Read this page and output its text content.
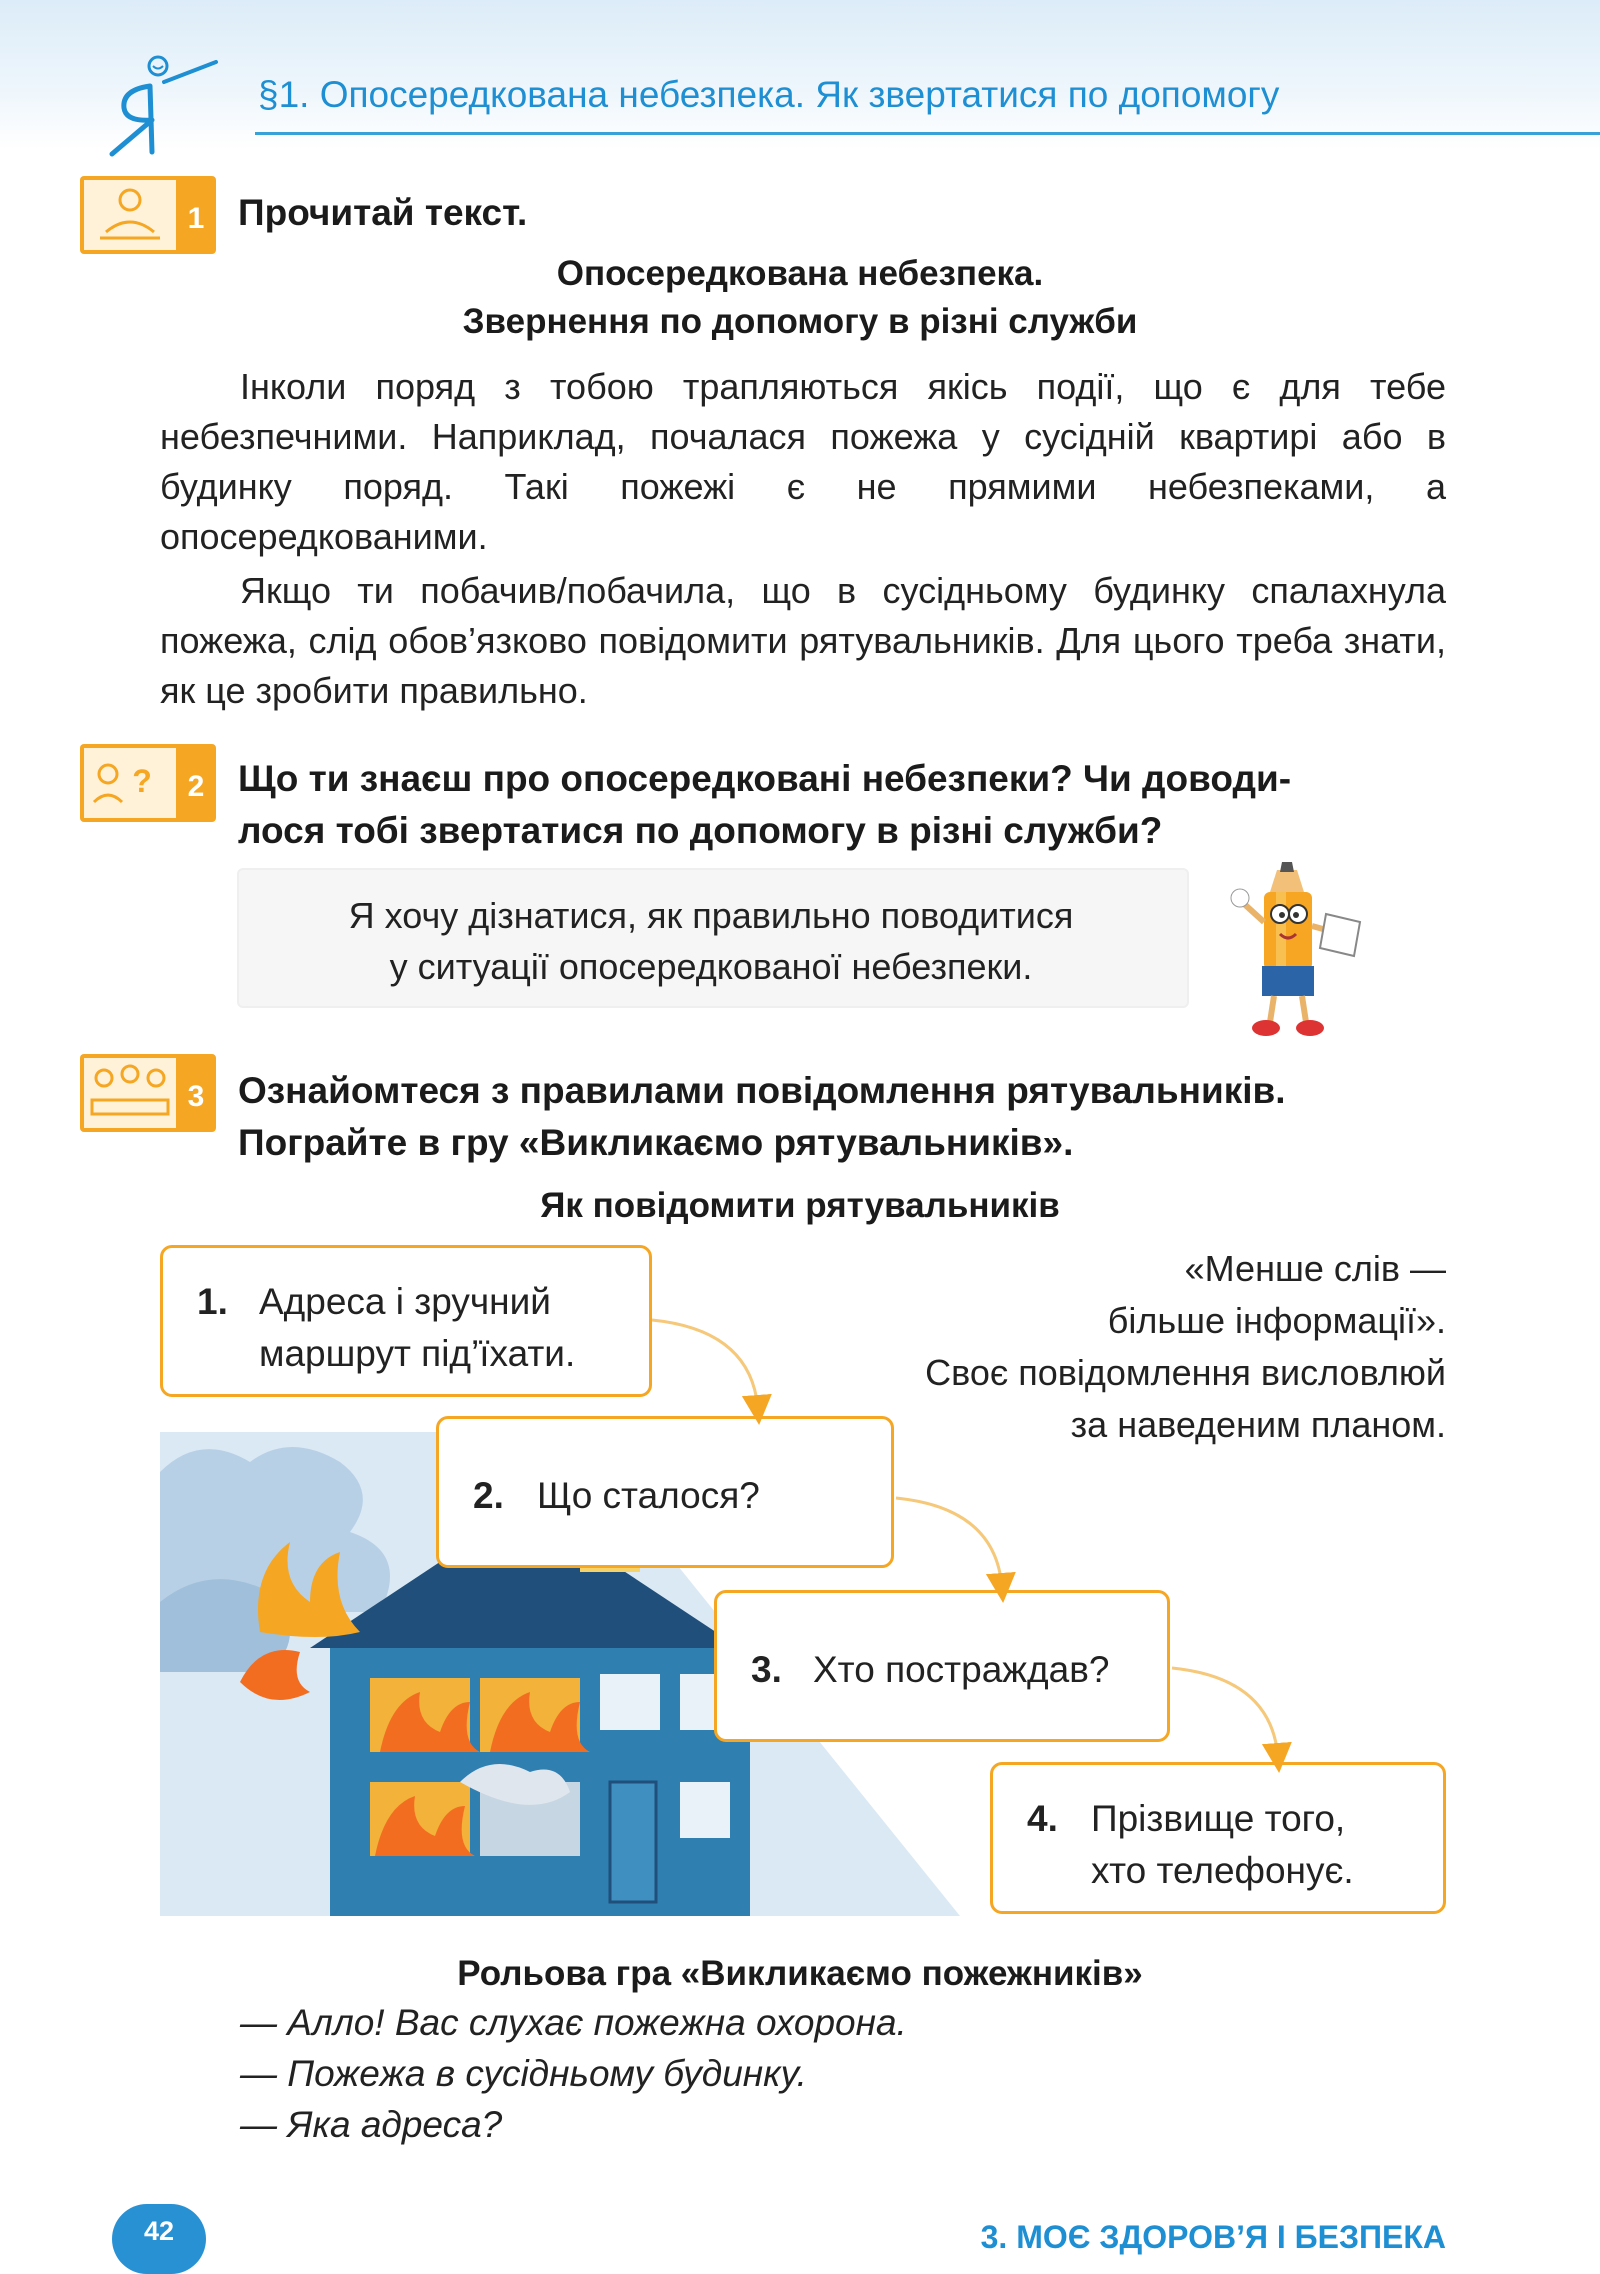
§1. Опосередкована небезпека. Як звертатися по допомогу
1 Прочитай текст.
Опосередкована небезпека.
Звернення по допомогу в різні служби

Інколи поряд з тобою трапляються якісь події, що є для тебе небезпечними. Наприклад, почалася пожежа у сусідній квартирі або в будинку поряд. Такі пожежі є не прямими небезпеками, а опосередкованими.

Якщо ти побачив/побачила, що в сусідньому будинку спалахнула пожежа, слід обов’язково повідомити рятувальників. Для цього треба знати, як це зробити правильно.

? 2 Що ти знаєш про опосередковані небезпеки? Чи доводи-
лося тобі звертатися по допомогу в різні служби?
Я хочу дізнатися, як правильно поводитися
у ситуації опосередкованої небезпеки.
3 Ознайомтеся з правилами повідомлення рятувальників.
Пограйте в гру «Викликаємо рятувальників».
Як повідомити рятувальників
«Менше слів —
більше інформації».
Своє повідомлення висловлюй
за наведеним планом.
1. Адреса і зручний
маршрут під’їхати.
2. Що сталося?
3. Хто постраждав?
4. Прізвище того,
хто телефонує.
Рольова гра «Викликаємо пожежників»
— Алло! Вас слухає пожежна охорона.
— Пожежа в сусідньому будинку.
— Яка адреса?
42	3. МОЄ ЗДОРОВ’Я І БЕЗПЕКА
